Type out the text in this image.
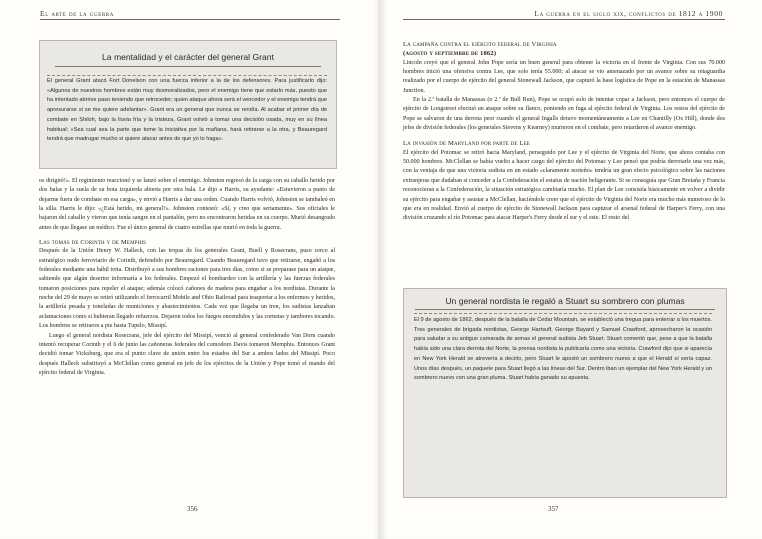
El arte de la guerra
La mentalidad y el carácter del general Grant
El general Grant atacó Fort Donelson con una fuerza inferior a la de los defensores. Para justificarlo dijo: «Algunos de nuestros hombres están muy desmoralizados, pero el enemigo tiene que estarlo más, puesto que ha intentado abrirse paso teniendo que retroceder; quien ataque ahora será el vencedor y el enemigo tendrá que apresurarse si se me quiere adelantar». Grant era un general que nunca se rendía. Al acabar el primer día de combate en Shiloh, bajo la lluvia fría y la tristeza, Grant volvió a tomar una decisión osada, muy en su línea habitual: «Sea cual sea la parte que tome la iniciativa por la mañana, hará retirarse a la otra, y Beauregard tendrá que madrugar mucho si quiere atacar antes de que yo lo haga».

os dirigiré!». El regimiento reaccionó y se lanzó sobre el enemigo. Johnston regresó de la carga con su caballo herido por dos balas y la suela de su bota izquierda abierta por otra bala. Le dijo a Harris, su ayudante: «Estuvieron a punto de dejarme fuera de combate en esa carga», y envió a Harris a dar una orden. Cuando Harris volvió, Johnston se tambaleó en la silla. Harris le dijo: «¿Está herido, mi general?». Johnston contestó: «Sí, y creo que seriamente». Sus oficiales le bajaron del caballo y vieron que tenía sangre en el pantalón, pero no encontraron heridas en su cuerpo. Murió desangrado antes de que llegase un médico. Fue el único general de cuatro estrellas que murió en toda la guerra.

Las tomas de Corinth y de Memphis

Después de la Unión Henry W. Halleck, con las tropas de los generales Grant, Buell y Rosecrans, puso cerco al estratégico nudo ferroviario de Corinth, defendido por Beauregard. Cuando Beauregard tuvo que retirarse, engañó a los federales mediante una hábil treta. Distribuyó a sus hombres raciones para tres días, como si se preparase para un ataque, sabiendo que algún desertor informaría a los federales. Empezó el bombardeo con la artillería y las fuerzas federales tomaron posiciones para repeler el ataque; además colocó cañones de madera para engañar a los nordistas. Durante la noche del 29 de mayo se retiró utilizando el ferrocarril Mobile and Ohio Railroad para trasportar a los enfermos y heridos, la artillería pesada y toneladas de municiones y abastecimientos. Cada vez que llegaba un tren, los sudistas lanzaban aclamaciones como si hubieran llegado refuerzos. Dejaron todos los fuegos encendidos y las cornetas y tambores tocando. Los hombres se retiraron a pie hasta Tupelo, Missipí.

Luego el general nordista Rosecrans, jefe del ejército del Missipí, venció al general confederado Van Dorn cuando intentó recuperar Corinth y el 6 de junio las cañoneras federales del comodoro Davis tomaron Memphis. Entonces Grant decidió tomar Vicksburg, que era el punto clave de unión entre los estados del Sur a ambos lados del Missipí. Poco después Halleck substituyó a McClellan como general en jefe de los ejércitos de la Unión y Pope tomó el mando del ejército federal de Virginia.

356
La guerra en el siglo xix, conflictos de 1812 a 1900

La campaña contra el ejército federal de Virginia

(agosto y septiembre de 1862)

Lincoln creyó que el general John Pope sería un buen general para obtener la victoria en el frente de Virginia. Con sus 70.000 hombres inició una ofensiva contra Lee, que solo tenía 55.000; al atacar se vio amenazado por un avance sobre su retaguardia realizado por el cuerpo de ejército del general Stonewall Jackson, que capturó la base logística de Pope en la estación de Manassas Junction.

En la 2.ª batalla de Manassas (o 2.ª de Bull Run), Pope se ocupó solo de intentar copar a Jackson, pero entonces el cuerpo de ejército de Longstreet efectuó un ataque sobre su flanco, poniendo en fuga al ejército federal de Virginia. Los restos del ejército de Pope se salvaron de una derrota peor cuando el general Ingalls detuvo momentáneamente a Lee en Chantilly (Ox Hill), donde dos jefes de división federales (los generales Stevens y Kearney) murieron en el combate, pero retardaron el avance enemigo.

La invasión de Maryland por parte de Lee

El ejército del Potomac se retiró hacia Maryland, perseguido por Lee y el ejército de Virginia del Norte, que ahora contaba con 50.000 hombres. McClellan se había vuelto a hacer cargo del ejército del Potomac y Lee pensó que podría derrotarle una vez más, con la ventaja de que una victoria sudista en un estado «claramente norteño» tendría un gran efecto psicológico sobre las naciones extranjeras que dudaban si conceder a la Confederación el estatus de nación beligerante. Si se conseguía que Gran Bretaña y Francia reconocieran a la Confederación, la situación estratégica cambiaría mucho. El plan de Lee consistía básicamente en volver a dividir su ejército para engañar y asustar a McClellan, haciéndole creer que el ejército de Virginia del Norte era mucho más numeroso de lo que era en realidad. Envió al cuerpo de ejército de Stonewall Jackson para capturar el arsenal federal de Harper's Ferry, con una división cruzando el río Potomac para atacar Harper's Ferry desde el sur y el este. El resto del

Un general nordista le regaló a Stuart su sombrero con plumas
El 9 de agosto de 1862, después de la batalla de Cedar Mountain, se estableció una tregua para enterrar a los muertos. Tres generales de brigada nordistas, George Hartsuff, George Bayard y Samuel Crawford, aprovecharon la ocasión para saludar a su antiguo camarada de armas el general sudista Jeb Stuart. Stuart comentó que, pese a que la batalla había sido una clara derrota del Norte, la prensa nordista la publicaría como una victoria. Crawford dijo que si aparecía en New York Herald se atrevería a decirlo, pero Stuart le apostó un sombrero nuevo a que el Herald sí sería capaz. Unos días después, un paquete para Stuart llegó a las líneas del Sur. Dentro iban un ejemplar del New York Herald y un sombrero nuevo con una gran pluma. Stuart había ganado su apuesta.
357
